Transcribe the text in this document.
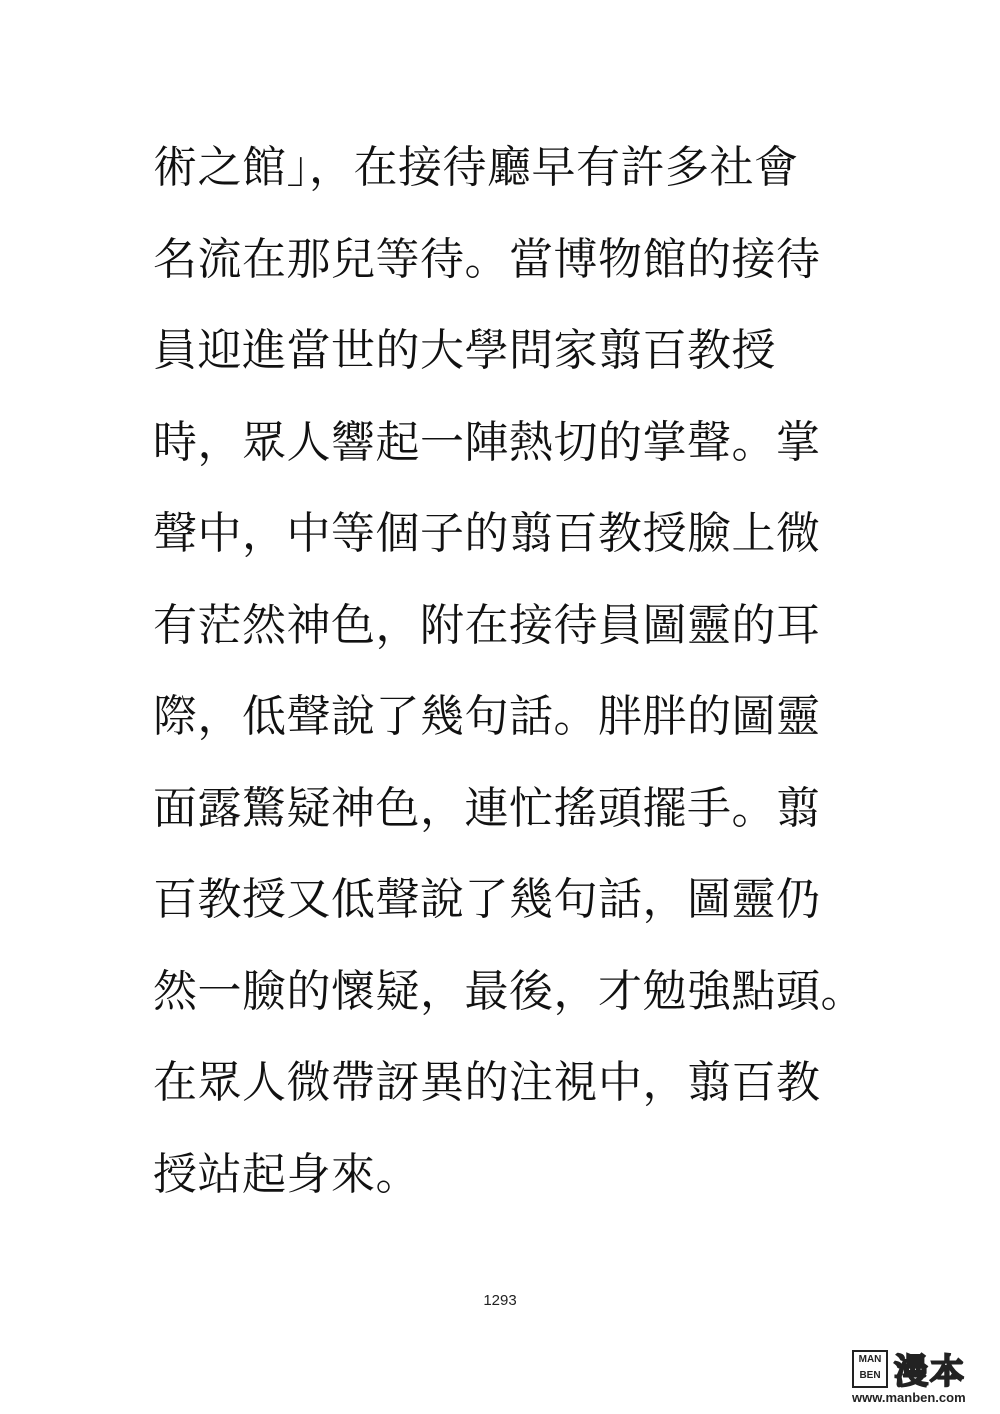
術之館」，在接待廳早有許多社會
名流在那兒等待。當博物館的接待
員迎進當世的大學問家翦百教授
時，眾人響起一陣熱切的掌聲。掌
聲中，中等個子的翦百教授臉上微
有茫然神色，附在接待員圖靈的耳
際，低聲說了幾句話。胖胖的圖靈
面露驚疑神色，連忙搖頭擺手。翦
百教授又低聲說了幾句話，圖靈仍
然一臉的懷疑，最後，才勉強點頭。
在眾人微帶訝異的注視中，翦百教
授站起身來。
1293
MAN
BEN 漫本
www.manben.com
